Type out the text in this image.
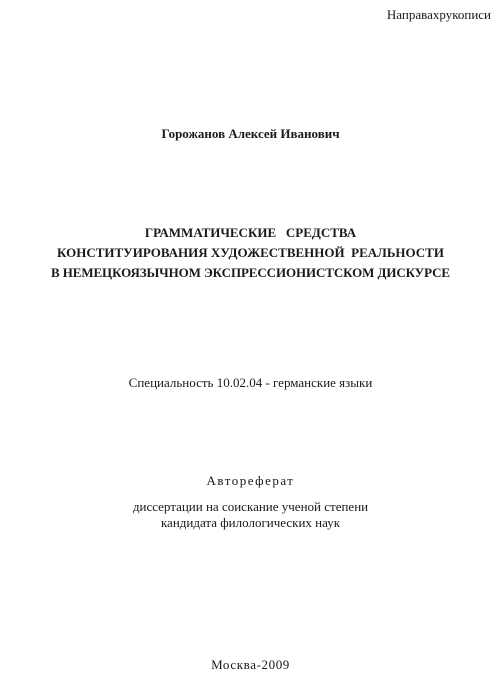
Направахрукописи
Горожанов Алексей Иванович
ГРАММАТИЧЕСКИЕ   СРЕДСТВА
КОНСТИТУИРОВАНИЯ ХУДОЖЕСТВЕННОЙ  РЕАЛЬНОСТИ
В НЕМЕЦКОЯЗЫЧНОМ ЭКСПРЕССИОНИСТСКОМ ДИСКУРСЕ
Специальность 10.02.04 - германские языки
Автореферат
диссертации на соискание ученой степени
кандидата филологических наук
Москва-2009
